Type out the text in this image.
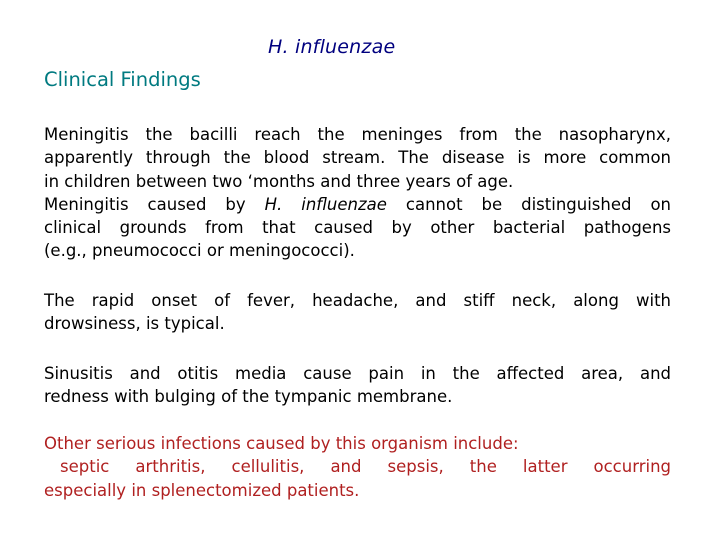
H. influenzae
Clinical Findings
Meningitis the bacilli reach the meninges from the nasopharynx,
apparently through the blood stream. The disease is more common
in children between two ‘months and three years of age.
Meningitis caused by H. influenzae cannot be distinguished on
clinical grounds from that caused by other bacterial pathogens
(e.g., pneumococci or meningococci).
The rapid onset of fever, headache, and stiff neck, along with
drowsiness, is typical.
Sinusitis and otitis media cause pain in the affected area, and
redness with bulging of the tympanic membrane.
Other serious infections caused by this organism include:
septic arthritis, cellulitis, and sepsis, the latter occurring
especially in splenectomized patients.
